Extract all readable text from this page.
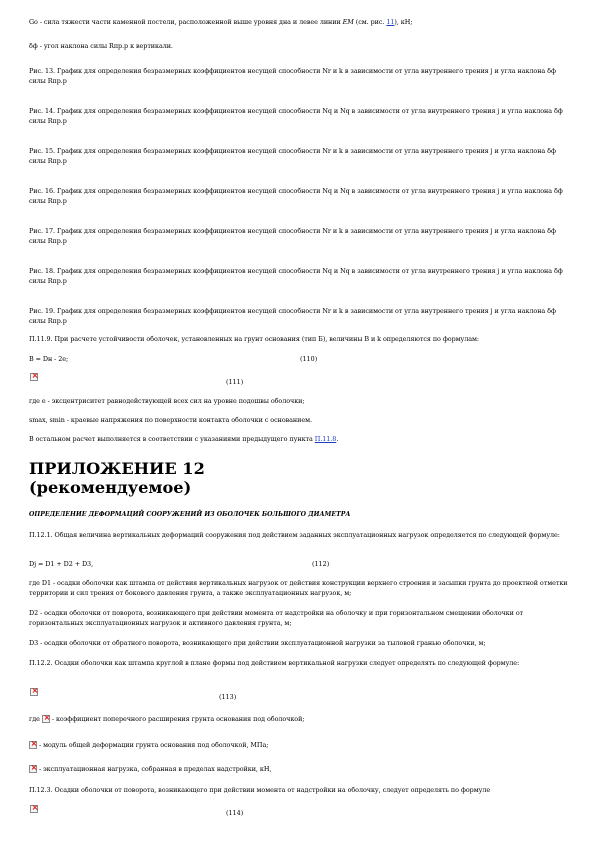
Gо - сила тяжести части каменной постели, расположенной выше уровня дна и левее линии EM (см. рис. 11), кН;
δф - угол наклона силы Rпр.р к вертикали.
Рис. 13. График для определения безразмерных коэффициентов несущей способности Nr и k в зависимости от угла внутреннего трения j и угла наклона δф силы Rпр.р
Рис. 14. График для определения безразмерных коэффициентов несущей способности Nq и Nq в зависимости от угла внутреннего трения j и угла наклона δф силы Rпр.р
Рис. 15. График для определения безразмерных коэффициентов несущей способности Nr и k в зависимости от угла внутреннего трения j и угла наклона δф силы Rпр.р
Рис. 16. График для определения безразмерных коэффициентов несущей способности Nq и Nq в зависимости от угла внутреннего трения j и угла наклона δф силы Rпр.р
Рис. 17. График для определения безразмерных коэффициентов несущей способности Nr и k в зависимости от угла внутреннего трения j и угла наклона δф силы Rпр.р
Рис. 18. График для определения безразмерных коэффициентов несущей способности Nq и Nq в зависимости от угла внутреннего трения j и угла наклона δф силы Rпр.р
Рис. 19. График для определения безразмерных коэффициентов несущей способности Nr и k в зависимости от угла внутреннего трения j и угла наклона δф силы Rпр.р
П.11.9. При расчете устойчивости оболочек, установленных на грунт основания (тип Б), величины B и k определяются по формулам:
B = Dн - 2e;	(110)
×
(111)
где e - эксцентриситет равнодействующей всех сил на уровне подошвы оболочки;
smax, smin - краевые напряжения по поверхности контакта оболочки с основанием.
В остальном расчет выполняется в соответствии с указаниями предыдущего пункта П.11.8.
ПРИЛОЖЕНИЕ 12
(рекомендуемое)
ОПРЕДЕЛЕНИЕ ДЕФОРМАЦИЙ СООРУЖЕНИЙ ИЗ ОБОЛОЧЕК БОЛЬШОГО ДИАМЕТРА
П.12.1. Общая величина вертикальных деформаций сооружения под действием заданных эксплуатационных нагрузок определяется по следующей формуле:
Dj = D1 + D2 + D3,	(112)
где D1 - осадки оболочки как штампа от действия вертикальных нагрузок от действия конструкции верхнего строения и засыпки грунта до проектной отметки территории и сил трения от бокового давления грунта, а также эксплуатационных нагрузок, м;
D2 - осадки оболочки от поворота, возникающего при действии момента от надстройки на оболочку и при горизонтальном смещении оболочки от горизонтальных эксплуатационных нагрузок и активного давления грунта, м;
D3 - осадки оболочки от обратного поворота, возникающего при действии эксплуатационной нагрузки за тыловой гранью оболочки, м;
П.12.2. Осадки оболочки как штампа круглой в плане формы под действием вертикальной нагрузки следует определять по следующей формуле:
×
(113)
где × - коэффициент поперечного расширения грунта основания под оболочкой;
× - модуль общей деформации грунта основания под оболочкой, МПа;
× - эксплуатационная нагрузка, собранная в пределах надстройки, кН,
П.12.3. Осадки оболочки от поворота, возникающего при действии момента от надстройки на оболочку, следует определять по формуле
×
(114)
